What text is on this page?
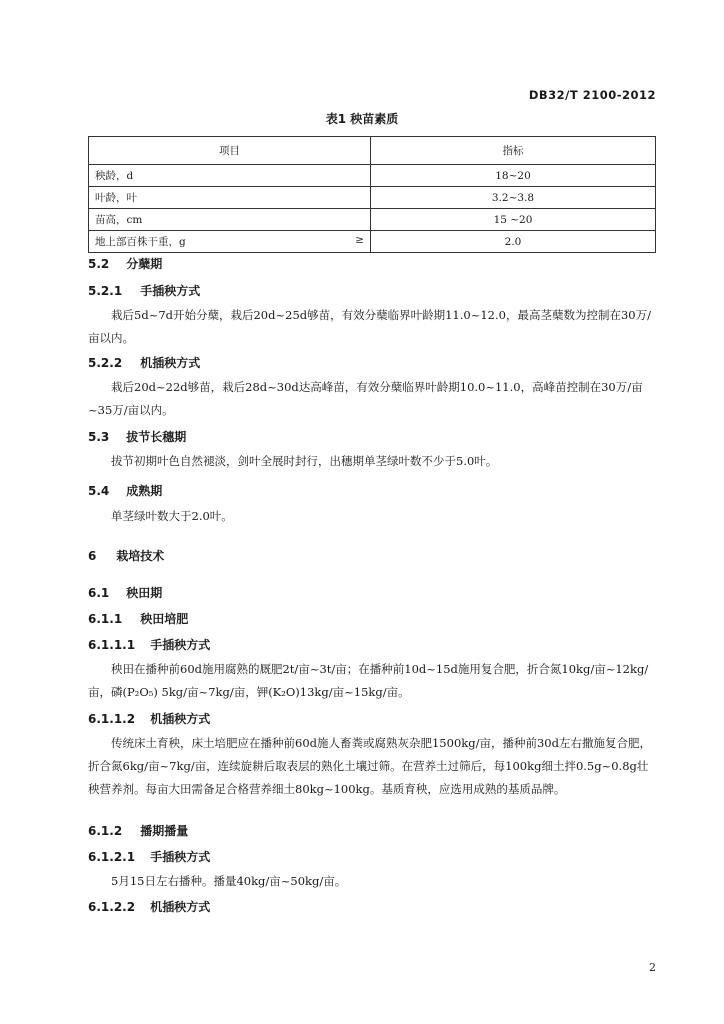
DB32/T 2100-2012
表1 秧苗素质
项目	指标
秧龄，d	18~20
叶龄，叶	3.2~3.8
苗高，cm	15 ~20

地上部百株干重，g ≥	2.0
5.2 分蘖期
5.2.1 手插秧方式

栽后5d~7d开始分蘖，栽后20d~25d够苗，有效分蘖临界叶龄期11.0~12.0，最高茎蘖数为控制在30万/亩以内。

5.2.2 机插秧方式

栽后20d~22d够苗，栽后28d~30d达高峰苗，有效分蘖临界叶龄期10.0~11.0，高峰苗控制在30万/亩~35万/亩以内。

5.3 拔节长穗期

拔节初期叶色自然褪淡，剑叶全展时封行，出穗期单茎绿叶数不少于5.0叶。

5.4 成熟期

单茎绿叶数大于2.0叶。

6 栽培技术
6.1 秧田期
6.1.1 秧田培肥
6.1.1.1 手插秧方式

秧田在播种前60d施用腐熟的厩肥2t/亩~3t/亩；在播种前10d~15d施用复合肥，折合氮10kg/亩~12kg/亩，磷(P₂O₅) 5kg/亩~7kg/亩，钾(K₂O)13kg/亩~15kg/亩。

6.1.1.2 机插秧方式

传统床土育秧，床土培肥应在播种前60d施人畜粪或腐熟灰杂肥1500kg/亩，播种前30d左右撒施复合肥，折合氮6kg/亩~7kg/亩，连续旋耕后取表层的熟化土壤过筛。在营养土过筛后，每100kg细土拌0.5g~0.8g壮秧营养剂。每亩大田需备足合格营养细土80kg~100kg。基质育秧，应选用成熟的基质品牌。

6.1.2 播期播量
6.1.2.1 手插秧方式

5月15日左右播种。播量40kg/亩~50kg/亩。

6.1.2.2 机插秧方式
2
